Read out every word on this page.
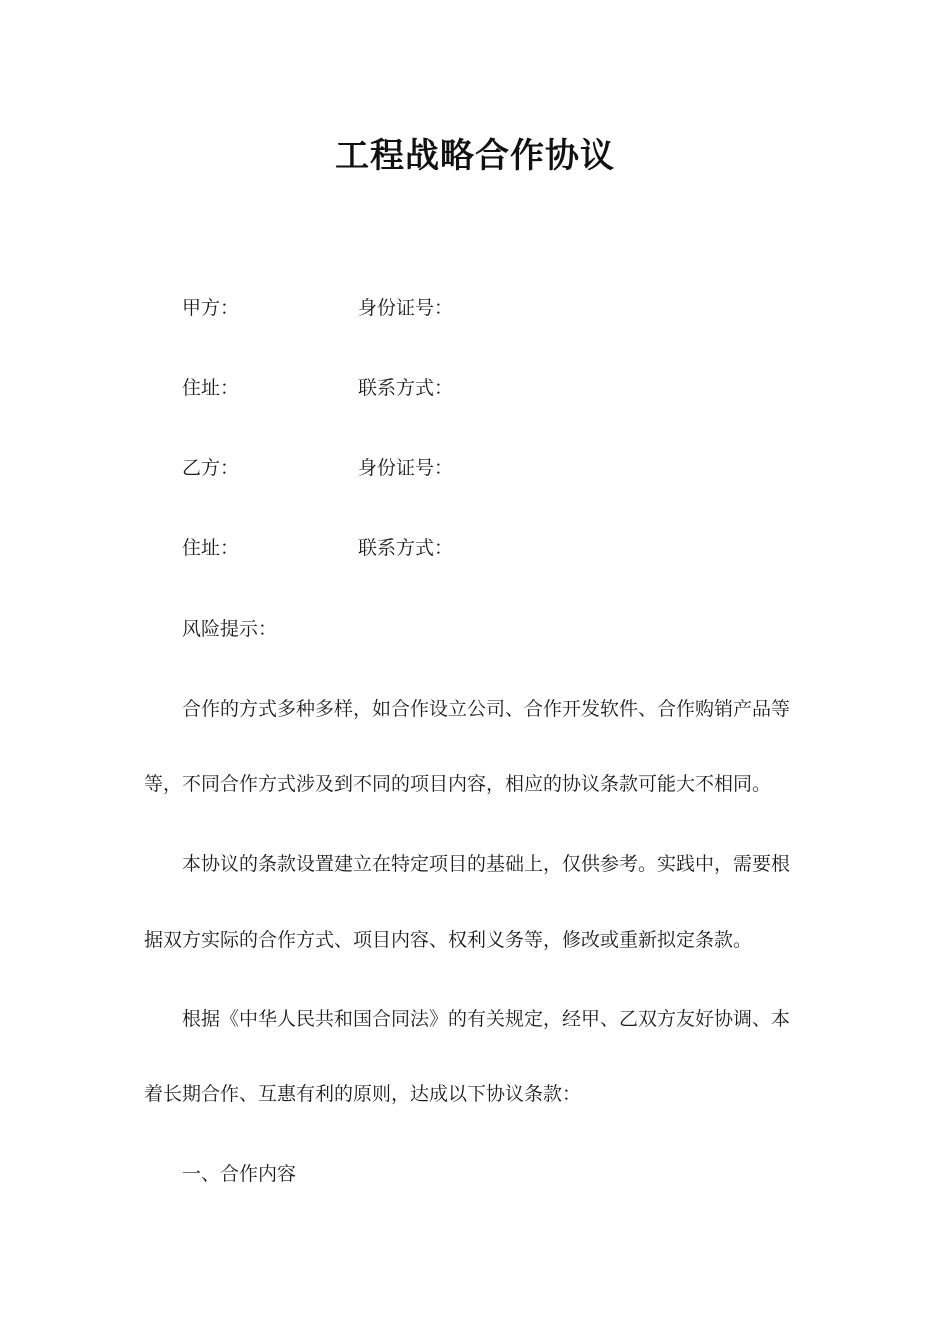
工程战略合作协议
甲方：	身份证号：
住址：	联系方式：
乙方：	身份证号：
住址：	联系方式：
风险提示：
合作的方式多种多样，如合作设立公司、合作开发软件、合作购销产品等
等，不同合作方式涉及到不同的项目内容，相应的协议条款可能大不相同。
本协议的条款设置建立在特定项目的基础上，仅供参考。实践中，需要根
据双方实际的合作方式、项目内容、权利义务等，修改或重新拟定条款。
根据《中华人民共和国合同法》的有关规定，经甲、乙双方友好协调、本
着长期合作、互惠有利的原则，达成以下协议条款：
一、合作内容
